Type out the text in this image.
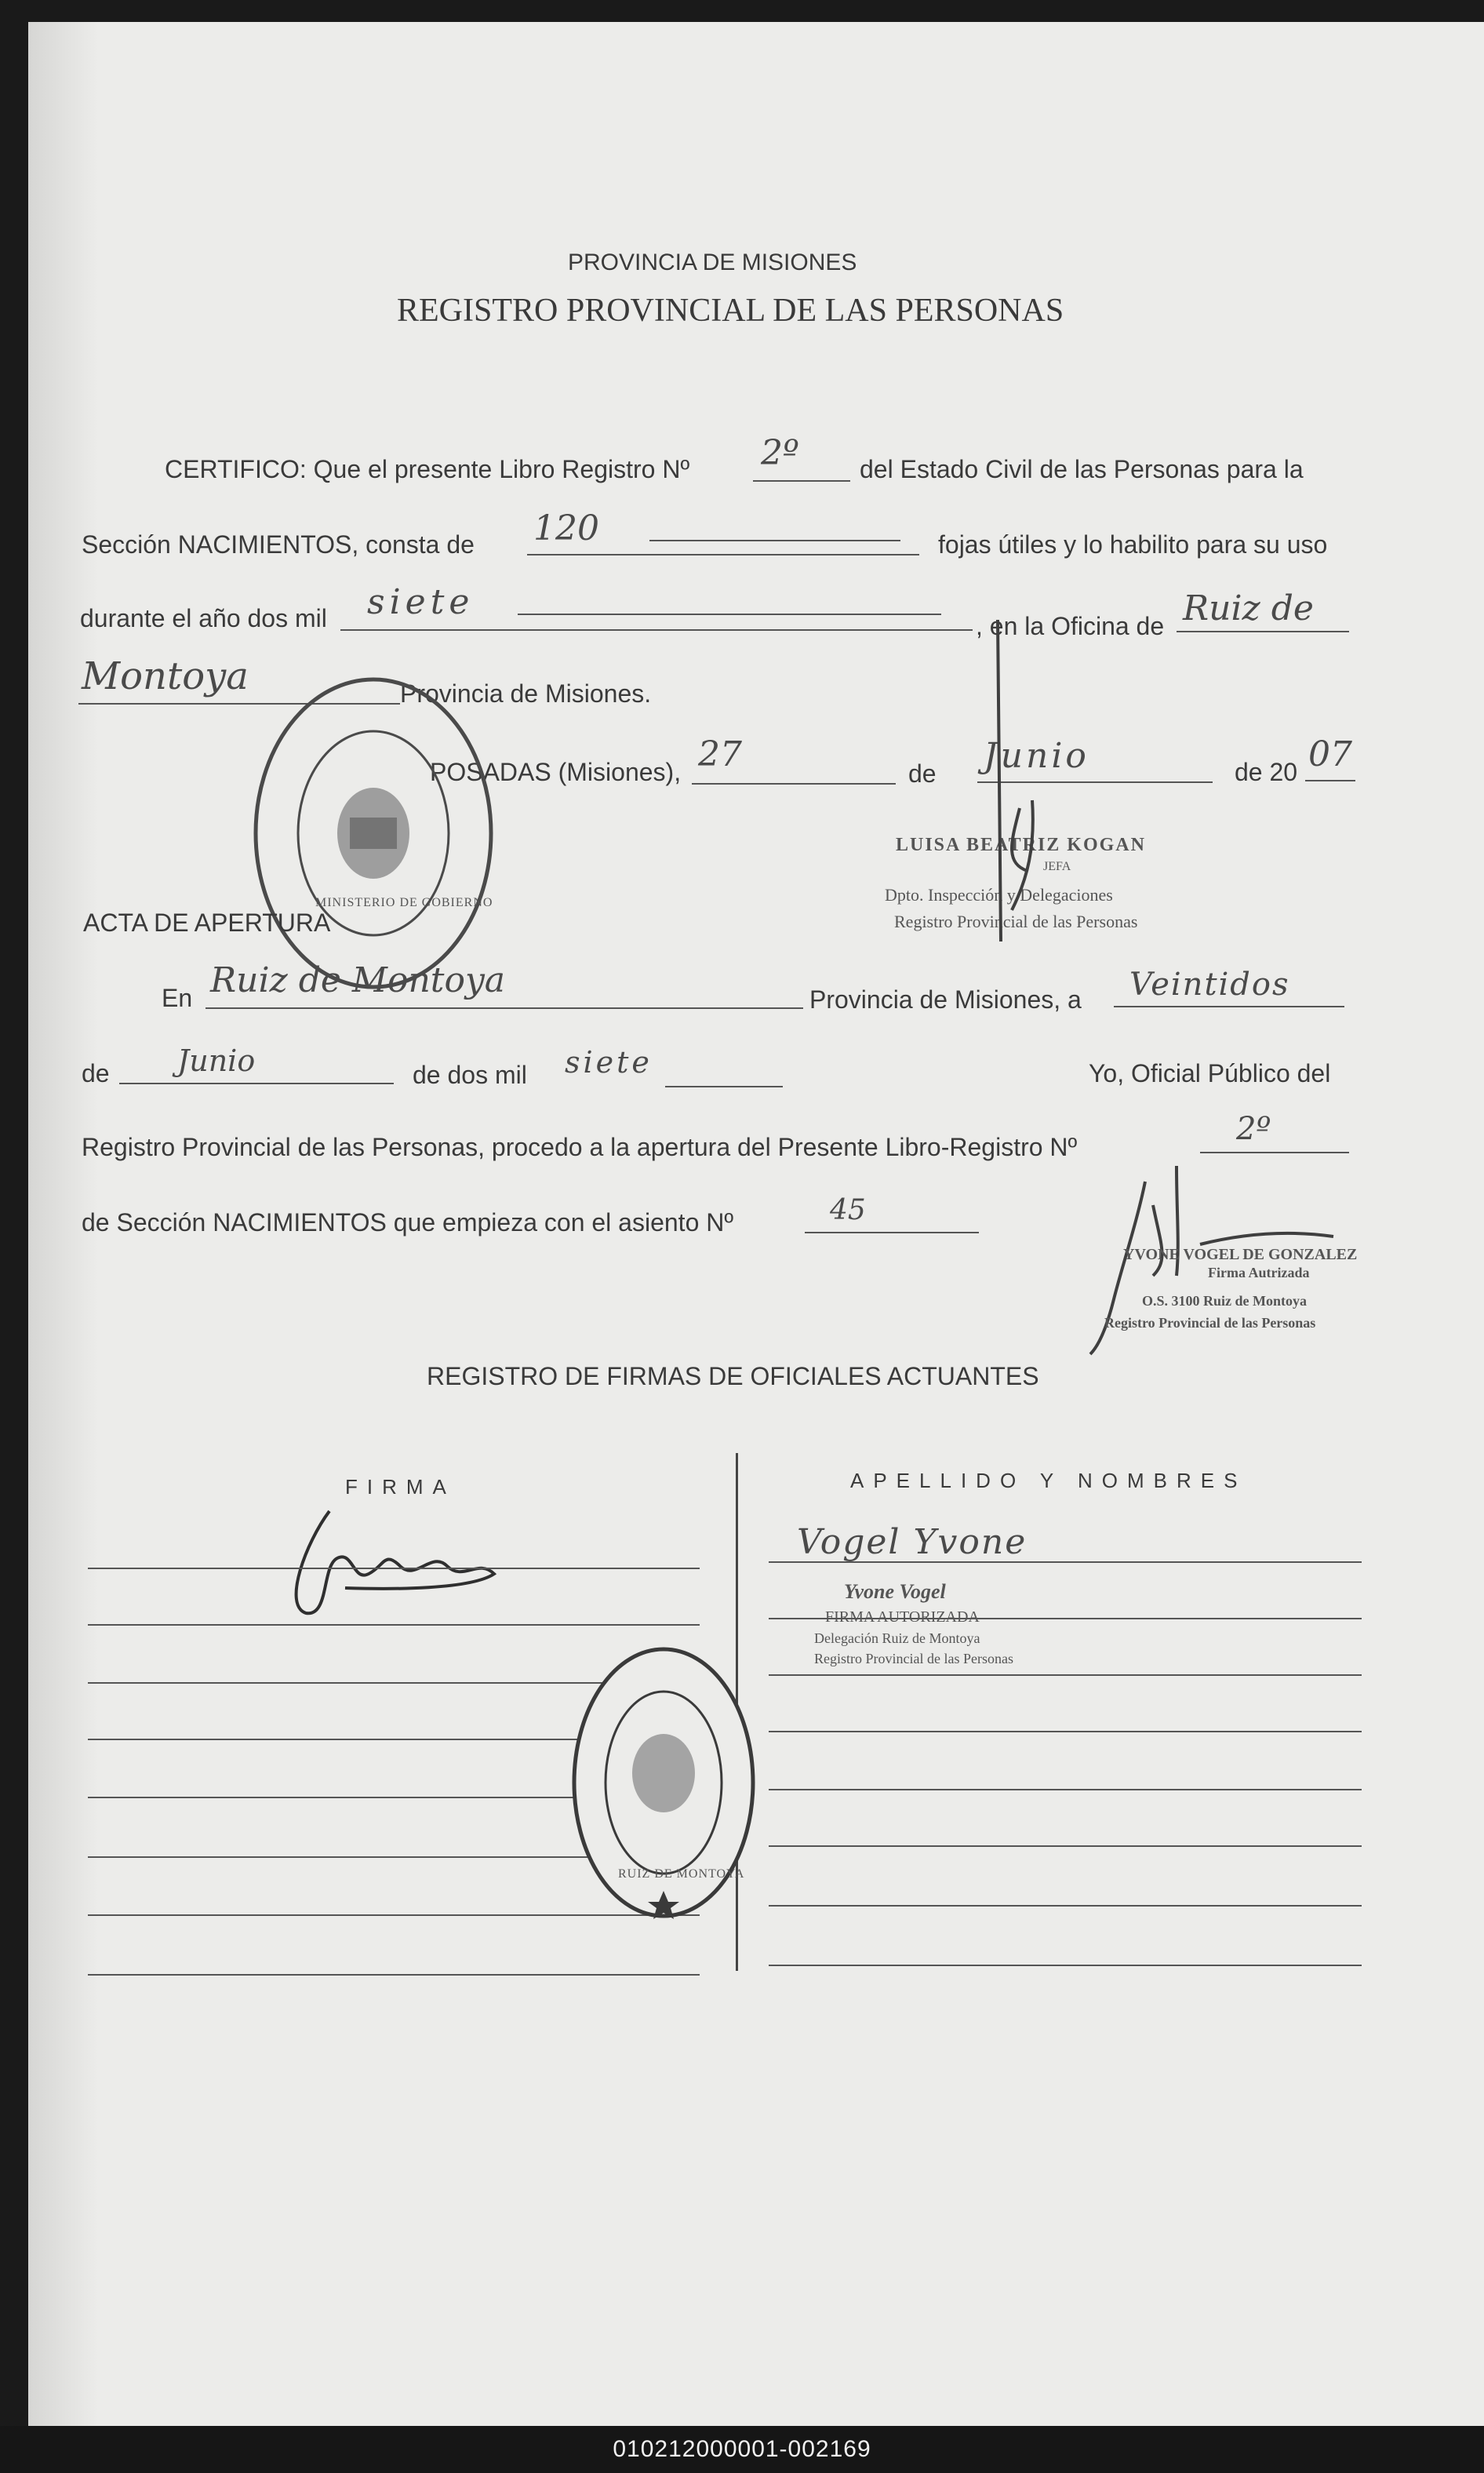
PROVINCIA DE MISIONES
REGISTRO PROVINCIAL DE LAS PERSONAS
CERTIFICO: Que el presente Libro Registro Nº 2º del Estado Civil de las Personas para la
Sección NACIMIENTOS, consta de 120	fojas útiles y lo habilito para su uso
durante el año dos mil siete
, en la Oficina de Ruiz de
Montoya	Provincia de Misiones.
POSADAS (Misiones), 27	de Junio	de 20 07
MINISTERIO DE GOBIERNO
LUISA BEATRIZ KOGAN
JEFA
Dpto. Inspección y Delegaciones
Registro Provincial de las Personas
ACTA DE APERTURA
En Ruiz de Montoya	Provincia de Misiones, a Veintidos
de Junio	de dos mil siete	Yo, Oficial Público del
Registro Provincial de las Personas, procedo a la apertura del Presente Libro-Registro Nº	2º
de Sección NACIMIENTOS que empieza con el asiento Nº	45
YVONE VOGEL DE GONZALEZ
Firma Autrizada
O.S. 3100 Ruiz de Montoya
Registro Provincial de las Personas
REGISTRO DE FIRMAS DE OFICIALES ACTUANTES
FIRMA	APELLIDO Y NOMBRES
Vogel Yvone
Yvone Vogel
FIRMA AUTORIZADA
Delegación Ruiz de Montoya
Registro Provincial de las Personas
RUIZ DE MONTOYA
010212000001-002169
